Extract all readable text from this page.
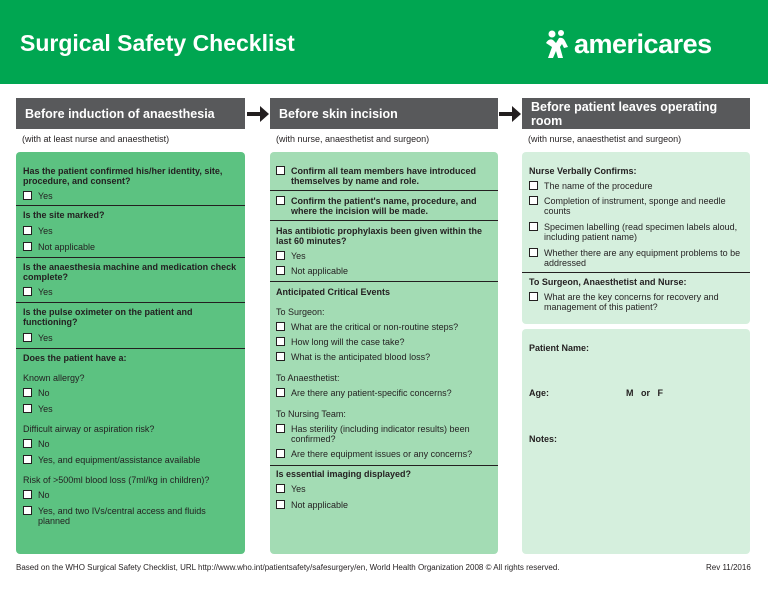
Surgical Safety Checklist	americares
Before induction of anaesthesia	Before skin incision	Before patient leaves operating room
(with at least nurse and anaesthetist)	(with nurse, anaesthetist and surgeon)	(with nurse, anaesthetist and surgeon)
Has the patient confirmed his/her identity, site, procedure, and consent?
Yes
Is the site marked?
Yes
Not applicable
Is the anaesthesia machine and medication check complete?
Yes
Is the pulse oximeter on the patient and functioning?
Yes
Does the patient have a:
Known allergy?
No
Yes
Difficult airway or aspiration risk?
No
Yes, and equipment/assistance available
Risk of >500ml blood loss (7ml/kg in children)?
No
Yes, and two IVs/central access and fluids planned
Confirm all team members have introduced themselves by name and role.
Confirm the patient's name, procedure, and where the incision will be made.
Has antibiotic prophylaxis been given within the last 60 minutes?
Yes
Not applicable
Anticipated Critical Events
To Surgeon:
What are the critical or non-routine steps?
How long will the case take?
What is the anticipated blood loss?
To Anaesthetist:
Are there any patient-specific concerns?
To Nursing Team:
Has sterility (including indicator results) been confirmed?
Are there equipment issues or any concerns?
Is essential imaging displayed?
Yes
Not applicable
Nurse Verbally Confirms:
The name of the procedure
Completion of instrument, sponge and needle counts
Specimen labelling (read specimen labels aloud, including patient name)
Whether there are any equipment problems to be addressed
To Surgeon, Anaesthetist and Nurse:
What are the key concerns for recovery and management of this patient?
Patient Name:
Age:	M   or   F
Notes:
Based on the WHO Surgical Safety Checklist, URL http://www.who.int/patientsafety/safesurgery/en, World Health Organization 2008 © All rights reserved.	Rev 11/2016
